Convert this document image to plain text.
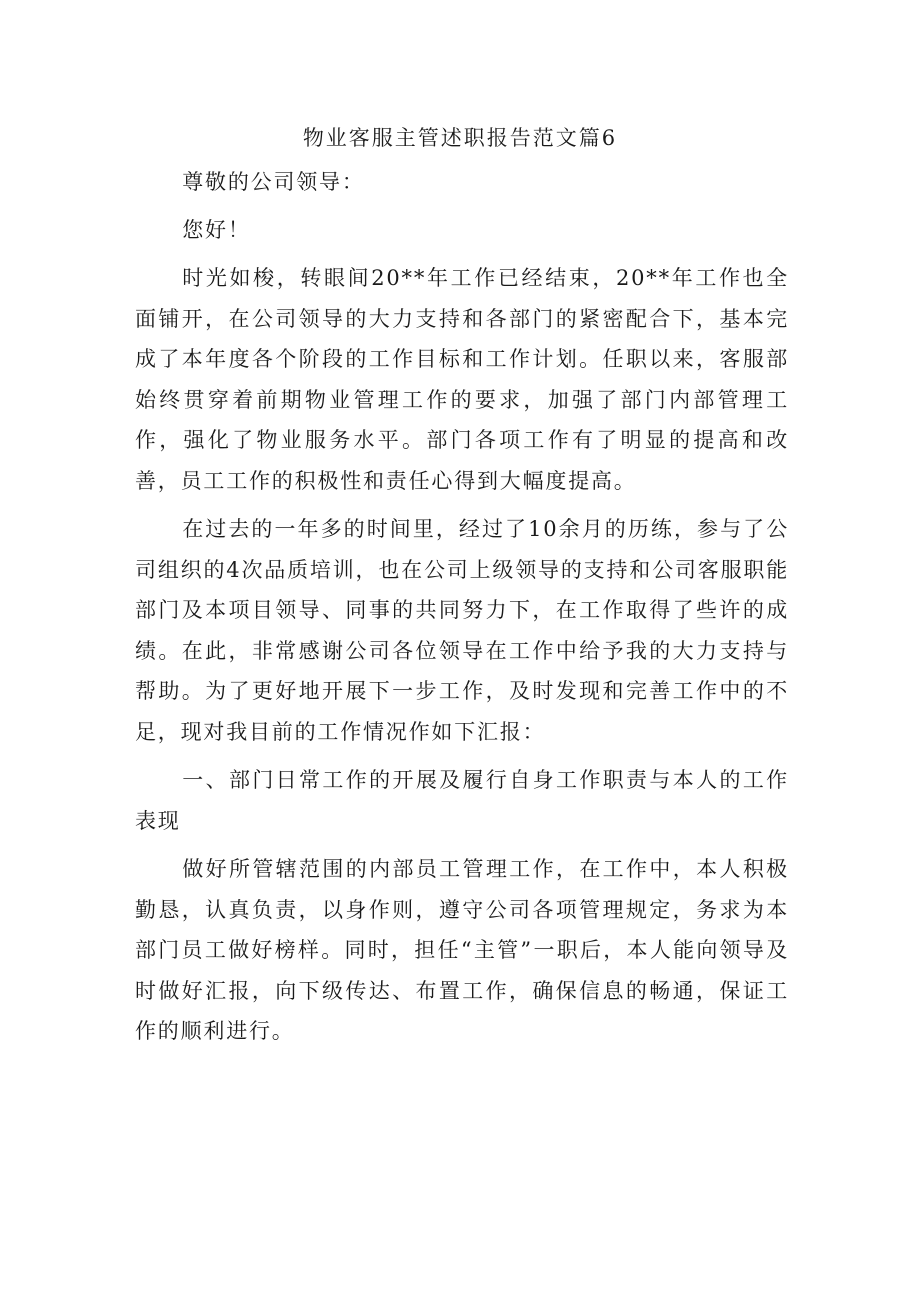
物业客服主管述职报告范文篇6

尊敬的公司领导：

您好！

时光如梭，转眼间20**年工作已经结束，20**年工作也全面铺开，在公司领导的大力支持和各部门的紧密配合下，基本完成了本年度各个阶段的工作目标和工作计划。任职以来，客服部始终贯穿着前期物业管理工作的要求，加强了部门内部管理工作，强化了物业服务水平。部门各项工作有了明显的提高和改善，员工工作的积极性和责任心得到大幅度提高。

在过去的一年多的时间里，经过了10余月的历练，参与了公司组织的4次品质培训，也在公司上级领导的支持和公司客服职能部门及本项目领导、同事的共同努力下，在工作取得了些许的成绩。在此，非常感谢公司各位领导在工作中给予我的大力支持与帮助。为了更好地开展下一步工作，及时发现和完善工作中的不足，现对我目前的工作情况作如下汇报：

一、部门日常工作的开展及履行自身工作职责与本人的工作表现

做好所管辖范围的内部员工管理工作，在工作中，本人积极勤恳，认真负责，以身作则，遵守公司各项管理规定，务求为本部门员工做好榜样。同时，担任“主管”一职后，本人能向领导及时做好汇报，向下级传达、布置工作，确保信息的畅通，保证工作的顺利进行。
